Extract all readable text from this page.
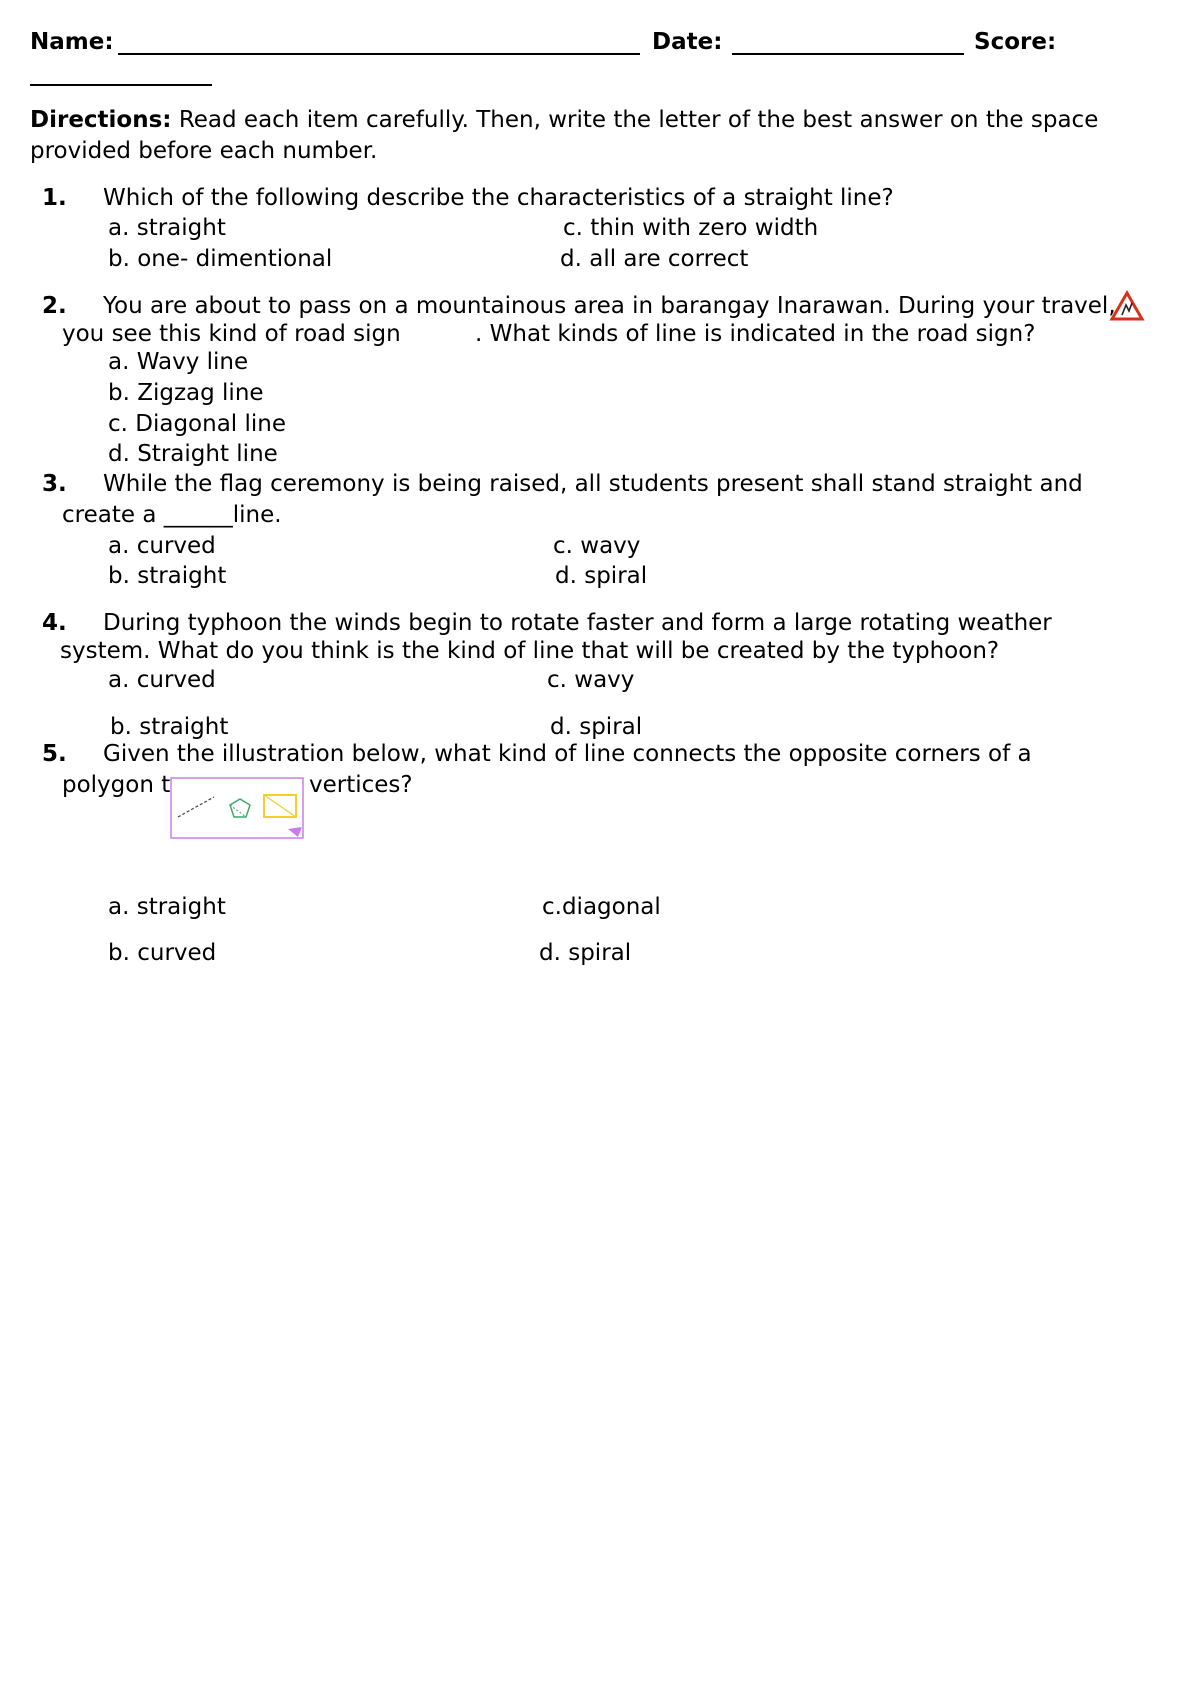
Name:	Date:	Score:
Directions: Read each item carefully. Then, write the letter of the best answer on the space
provided before each number.
1. Which of the following describe the characteristics of a straight line?
a. straight
b. one- dimentional
c. thin with zero width
d. all are correct
2. You are about to pass on a mountainous area in barangay Inarawan. During your travel,
you see this kind of road sign	. What kinds of line is indicated in the road sign?
a. Wavy line
b. Zigzag line
c. Diagonal line
d. Straight line
3. While the flag ceremony is being raised, all students present shall stand straight and
create a ______line.
a. curved
b. straight
c. wavy
d. spiral
4. During typhoon the winds begin to rotate faster and form a large rotating weather
system. What do you think is the kind of line that will be created by the typhoon?
a. curved
b. straight
c. wavy
d. spiral
5. Given the illustration below, what kind of line connects the opposite corners of a
polygon t	vertices?
a. straight
b. curved
c.diagonal
d. spiral
